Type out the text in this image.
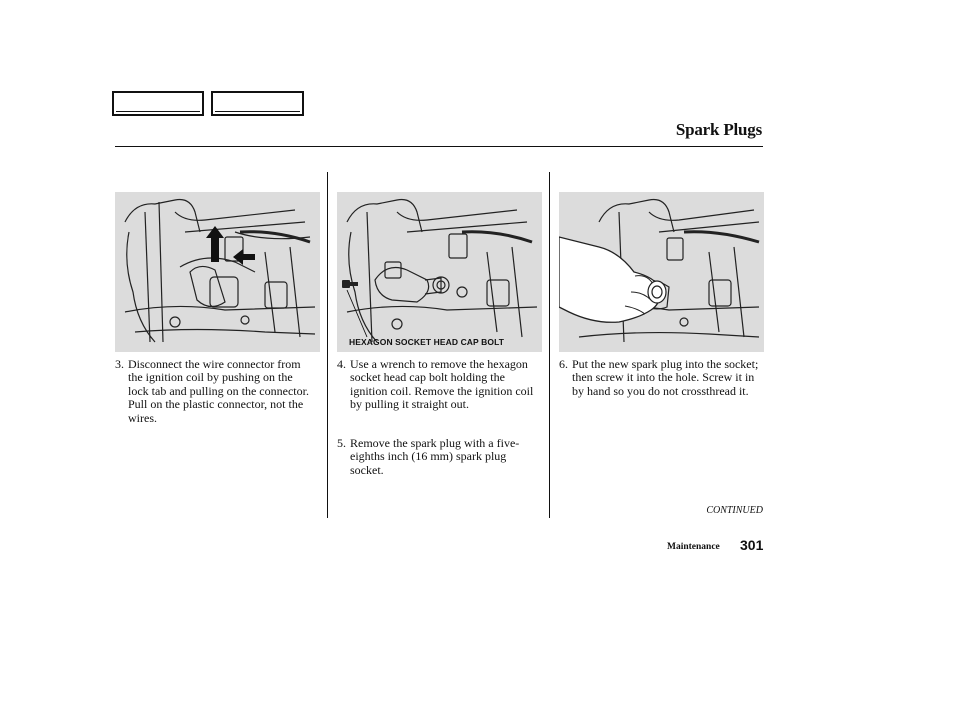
Spark Plugs
HEXAGON SOCKET HEAD CAP BOLT
3. Disconnect the wire connector from the ignition coil by pushing on the lock tab and pulling on the connector. Pull on the plastic connector, not the wires.
4. Use a wrench to remove the hexagon socket head cap bolt holding the ignition coil. Remove the ignition coil by pulling it straight out.
5. Remove the spark plug with a five-eighths inch (16 mm) spark plug socket.
6. Put the new spark plug into the socket; then screw it into the hole. Screw it in by hand so you do not crossthread it.
CONTINUED
Maintenance 301
